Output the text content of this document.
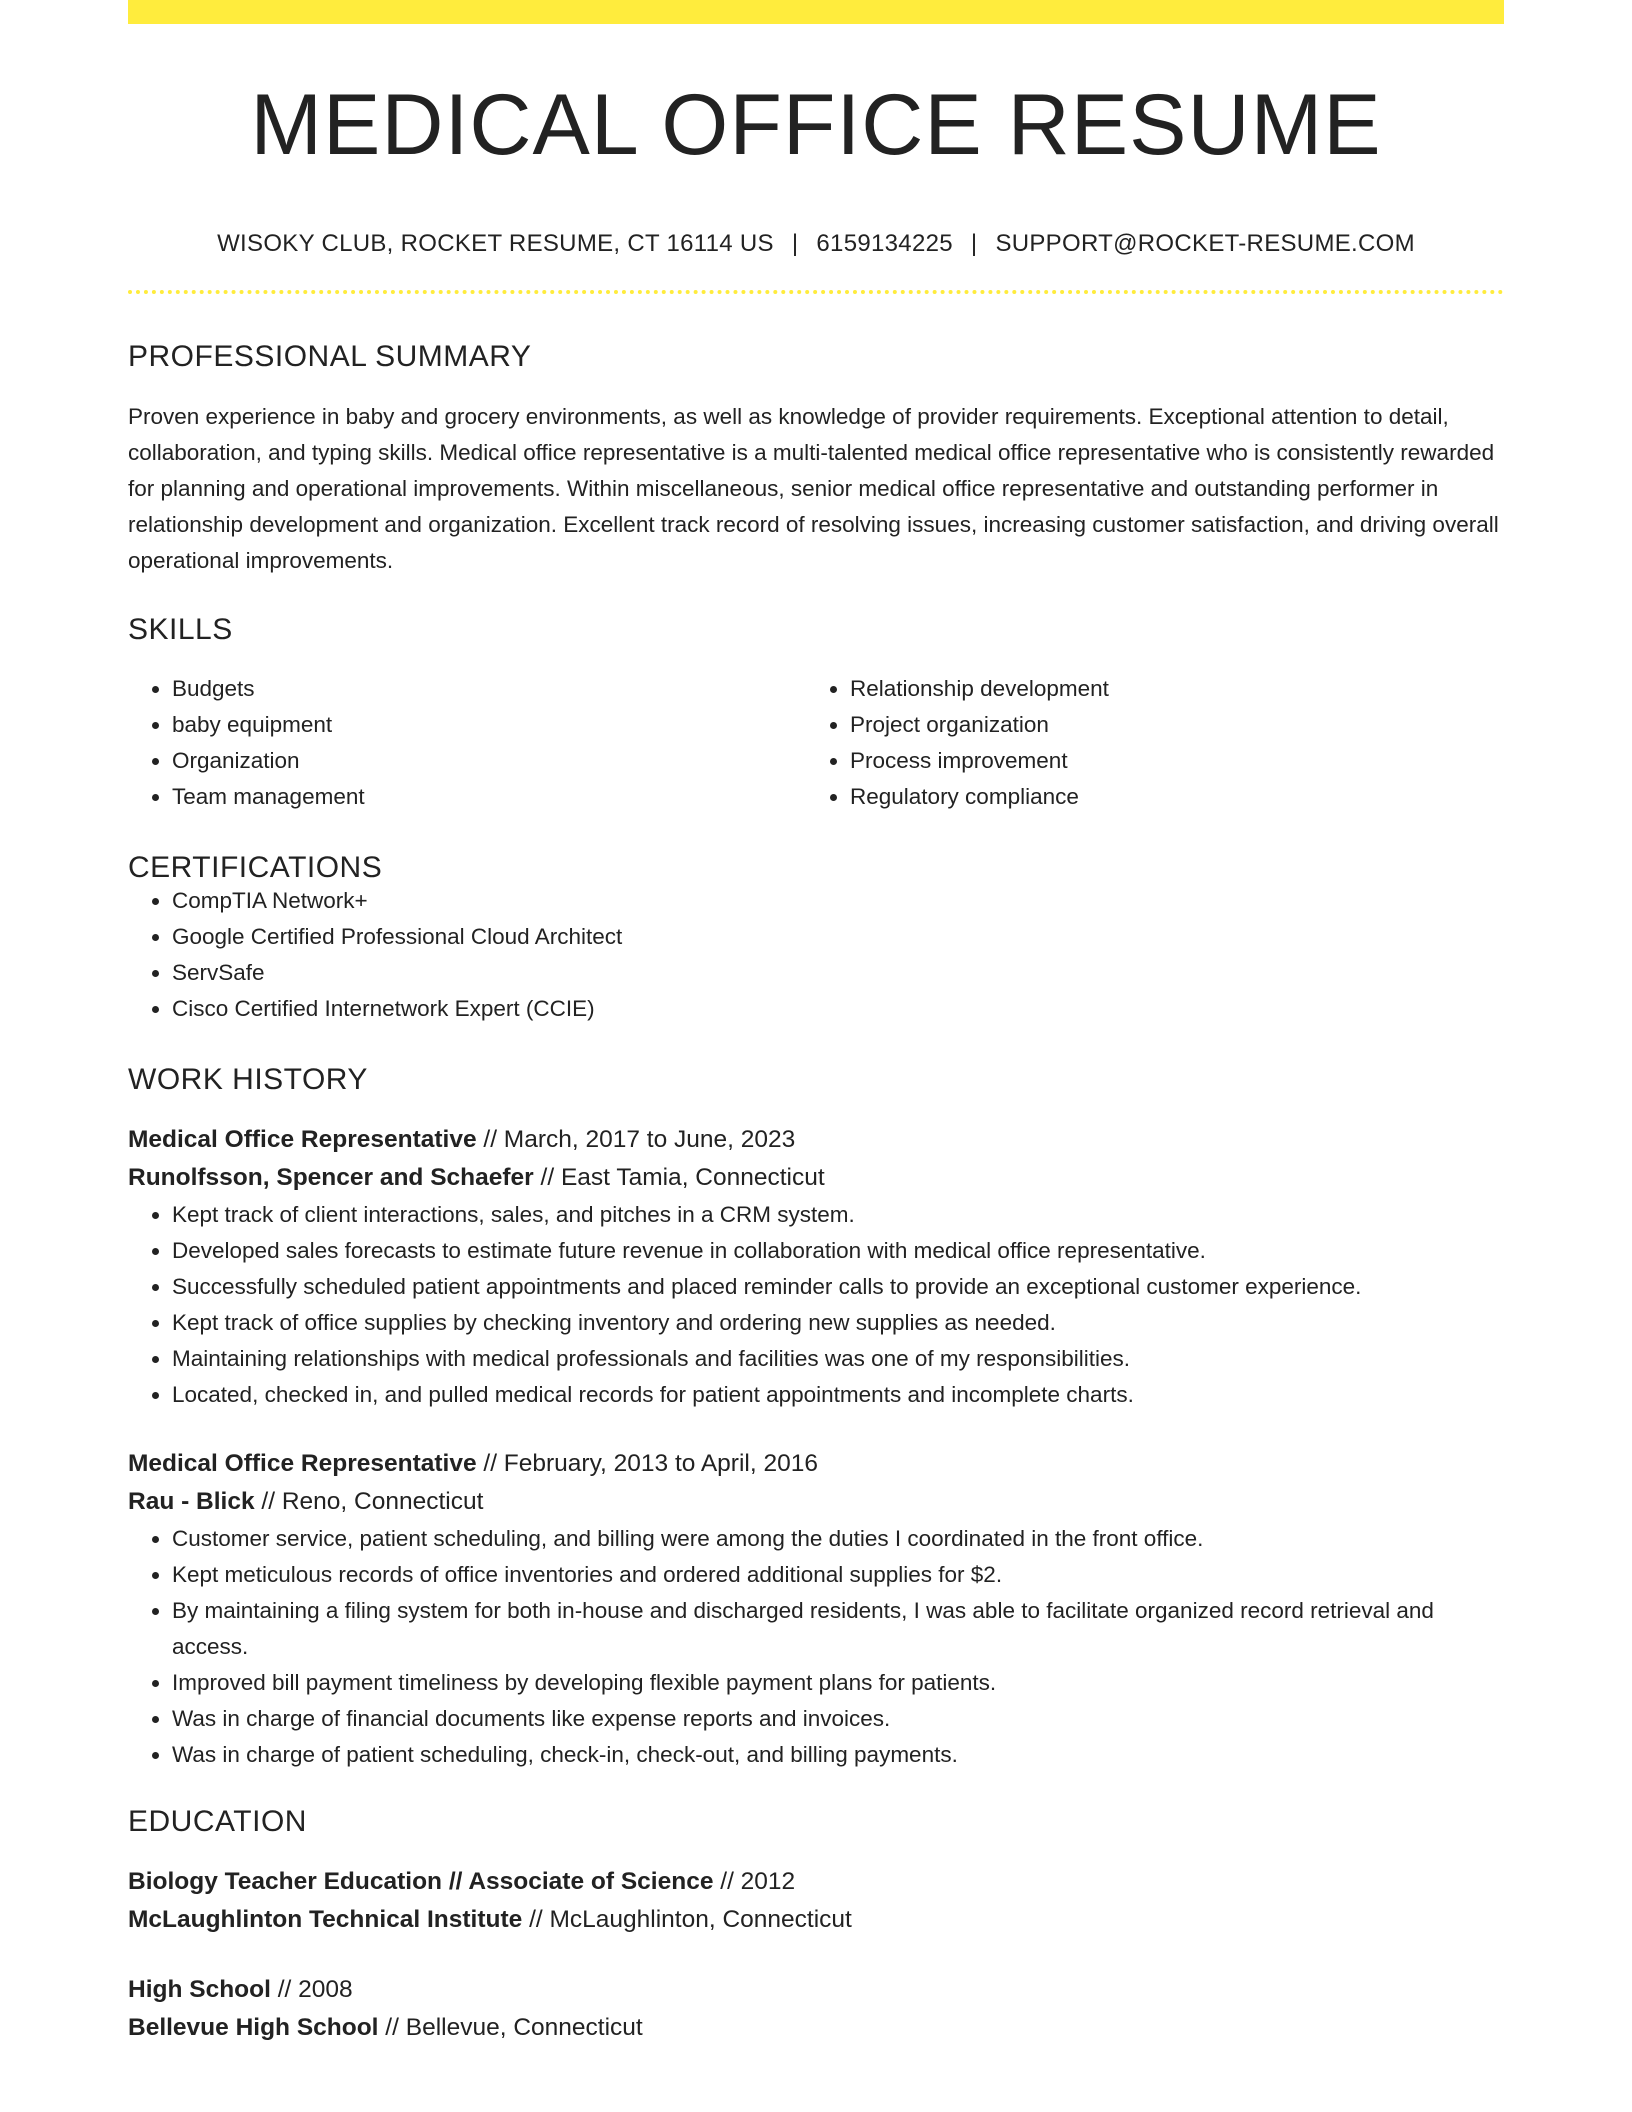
MEDICAL OFFICE RESUME
WISOKY CLUB, ROCKET RESUME, CT 16114 US | 6159134225 | SUPPORT@ROCKET-RESUME.COM
PROFESSIONAL SUMMARY

Proven experience in baby and grocery environments, as well as knowledge of provider requirements. Exceptional attention to detail, collaboration, and typing skills. Medical office representative is a multi-talented medical office representative who is consistently rewarded for planning and operational improvements. Within miscellaneous, senior medical office representative and outstanding performer in relationship development and organization. Excellent track record of resolving issues, increasing customer satisfaction, and driving overall operational improvements.

SKILLS
• Budgets
• baby equipment
• Organization
• Team management
• Relationship development
• Project organization
• Process improvement
• Regulatory compliance
CERTIFICATIONS
• CompTIA Network+
• Google Certified Professional Cloud Architect
• ServSafe
• Cisco Certified Internetwork Expert (CCIE)
WORK HISTORY
Medical Office Representative // March, 2017 to June, 2023
Runolfsson, Spencer and Schaefer // East Tamia, Connecticut
• Kept track of client interactions, sales, and pitches in a CRM system.
• Developed sales forecasts to estimate future revenue in collaboration with medical office representative.
• Successfully scheduled patient appointments and placed reminder calls to provide an exceptional customer experience.
• Kept track of office supplies by checking inventory and ordering new supplies as needed.
• Maintaining relationships with medical professionals and facilities was one of my responsibilities.
• Located, checked in, and pulled medical records for patient appointments and incomplete charts.
Medical Office Representative // February, 2013 to April, 2016
Rau - Blick // Reno, Connecticut
• Customer service, patient scheduling, and billing were among the duties I coordinated in the front office.
• Kept meticulous records of office inventories and ordered additional supplies for $2.
• By maintaining a filing system for both in-house and discharged residents, I was able to facilitate organized record retrieval and access.
• Improved bill payment timeliness by developing flexible payment plans for patients.
• Was in charge of financial documents like expense reports and invoices.
• Was in charge of patient scheduling, check-in, check-out, and billing payments.
EDUCATION
Biology Teacher Education // Associate of Science // 2012
McLaughlinton Technical Institute // McLaughlinton, Connecticut
High School // 2008
Bellevue High School // Bellevue, Connecticut
